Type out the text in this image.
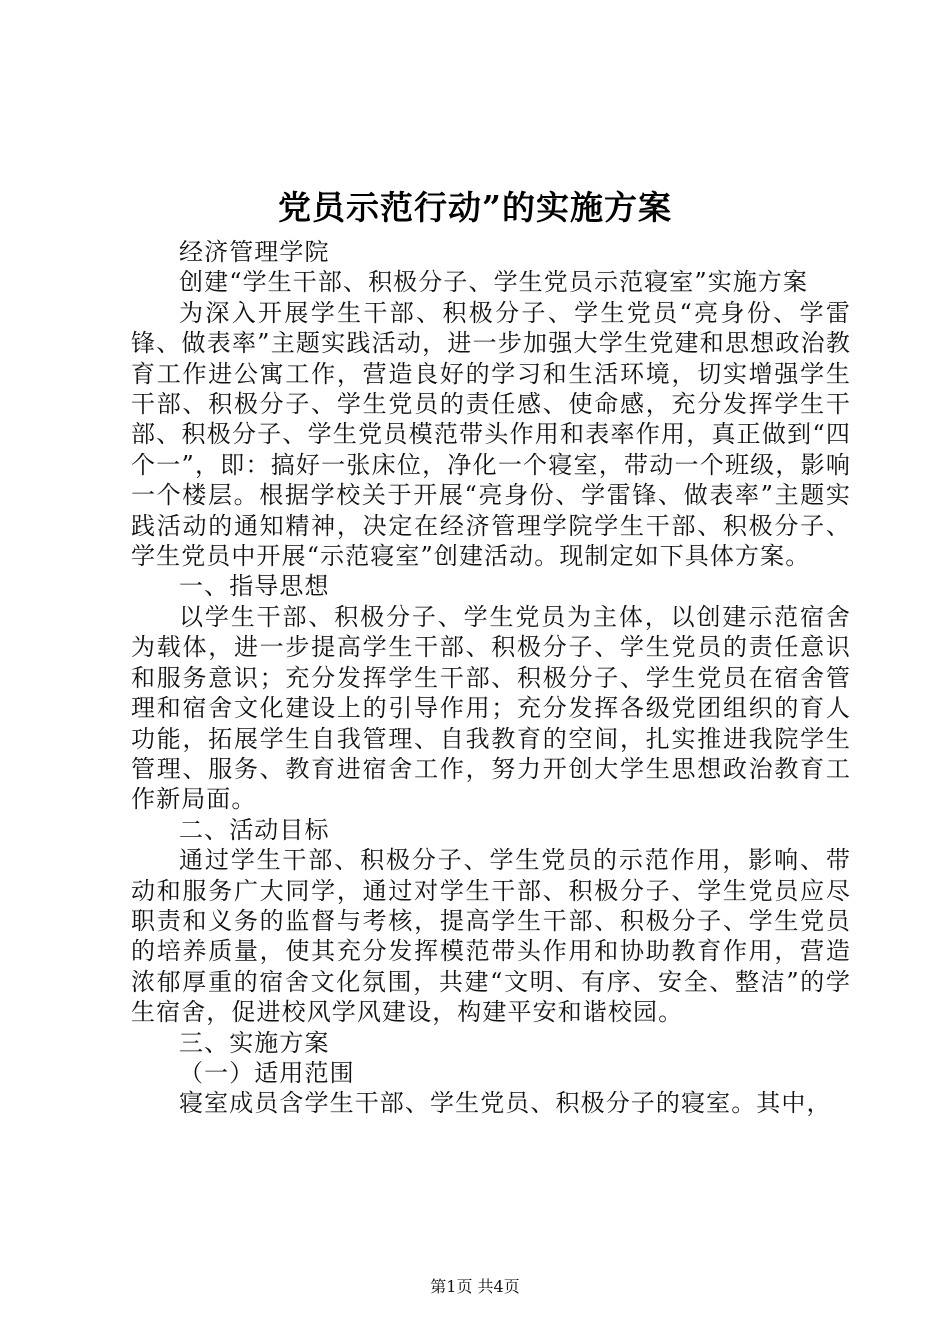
党员示范行动”的实施方案

经济管理学院

创建“学生干部、积极分子、学生党员示范寝室”实施方案

为深入开展学生干部、积极分子、学生党员“亮身份、学雷锋、做表率”主题实践活动，进一步加强大学生党建和思想政治教育工作进公寓工作，营造良好的学习和生活环境，切实增强学生干部、积极分子、学生党员的责任感、使命感，充分发挥学生干部、积极分子、学生党员模范带头作用和表率作用，真正做到“四个一”，即：搞好一张床位，净化一个寝室，带动一个班级，影响一个楼层。根据学校关于开展“亮身份、学雷锋、做表率”主题实践活动的通知精神，决定在经济管理学院学生干部、积极分子、学生党员中开展“示范寝室”创建活动。现制定如下具体方案。

一、指导思想

以学生干部、积极分子、学生党员为主体，以创建示范宿舍为载体，进一步提高学生干部、积极分子、学生党员的责任意识和服务意识；充分发挥学生干部、积极分子、学生党员在宿舍管理和宿舍文化建设上的引导作用；充分发挥各级党团组织的育人功能，拓展学生自我管理、自我教育的空间，扎实推进我院学生管理、服务、教育进宿舍工作，努力开创大学生思想政治教育工作新局面。

二、活动目标

通过学生干部、积极分子、学生党员的示范作用，影响、带动和服务广大同学，通过对学生干部、积极分子、学生党员应尽职责和义务的监督与考核，提高学生干部、积极分子、学生党员的培养质量，使其充分发挥模范带头作用和协助教育作用，营造浓郁厚重的宿舍文化氛围，共建“文明、有序、安全、整洁”的学生宿舍，促进校风学风建设，构建平安和谐校园。

三、实施方案

（一）适用范围

寝室成员含学生干部、学生党员、积极分子的寝室。其中，

第1页 共4页
